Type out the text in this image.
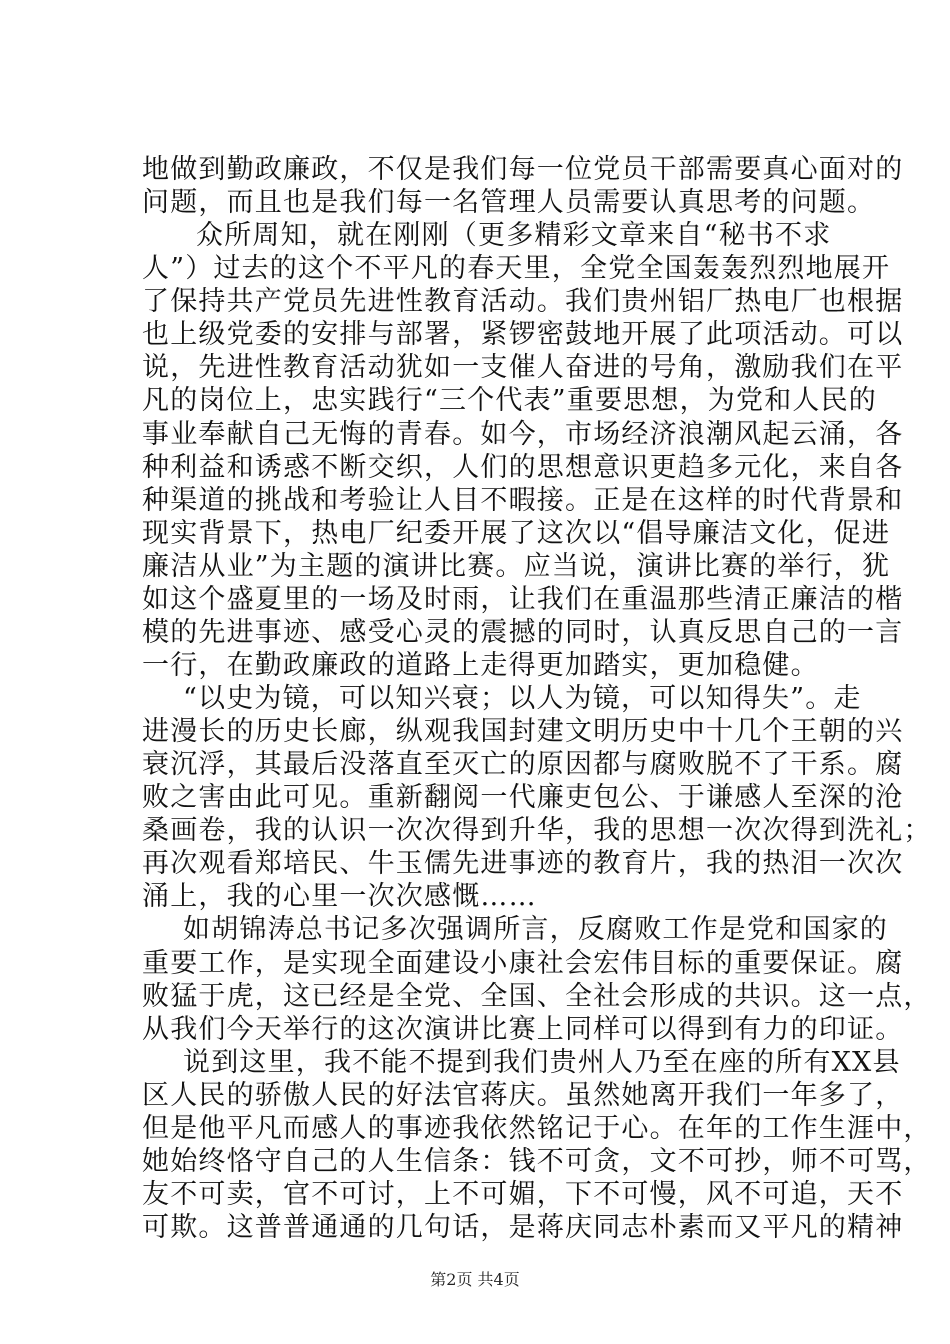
地做到勤政廉政，不仅是我们每一位党员干部需要真心面对的
问题，而且也是我们每一名管理人员需要认真思考的问题。
众所周知，就在刚刚（更多精彩文章来自“秘书不求
人”）过去的这个不平凡的春天里，全党全国轰轰烈烈地展开
了保持共产党员先进性教育活动。我们贵州铝厂热电厂也根据
也上级党委的安排与部署，紧锣密鼓地开展了此项活动。可以
说，先进性教育活动犹如一支催人奋进的号角，激励我们在平
凡的岗位上，忠实践行“三个代表”重要思想，为党和人民的
事业奉献自己无悔的青春。如今，市场经济浪潮风起云涌，各
种利益和诱惑不断交织，人们的思想意识更趋多元化，来自各
种渠道的挑战和考验让人目不暇接。正是在这样的时代背景和
现实背景下，热电厂纪委开展了这次以“倡导廉洁文化，促进
廉洁从业”为主题的演讲比赛。应当说，演讲比赛的举行，犹
如这个盛夏里的一场及时雨，让我们在重温那些清正廉洁的楷
模的先进事迹、感受心灵的震撼的同时，认真反思自己的一言
一行，在勤政廉政的道路上走得更加踏实，更加稳健。
“以史为镜，可以知兴衰；以人为镜，可以知得失”。走
进漫长的历史长廊，纵观我国封建文明历史中十几个王朝的兴
衰沉浮，其最后没落直至灭亡的原因都与腐败脱不了干系。腐
败之害由此可见。重新翻阅一代廉吏包公、于谦感人至深的沧
桑画卷，我的认识一次次得到升华，我的思想一次次得到洗礼；
再次观看郑培民、牛玉儒先进事迹的教育片，我的热泪一次次
涌上，我的心里一次次感慨……
如胡锦涛总书记多次强调所言，反腐败工作是党和国家的
重要工作，是实现全面建设小康社会宏伟目标的重要保证。腐
败猛于虎，这已经是全党、全国、全社会形成的共识。这一点，
从我们今天举行的这次演讲比赛上同样可以得到有力的印证。
说到这里，我不能不提到我们贵州人乃至在座的所有XX县
区人民的骄傲人民的好法官蒋庆。虽然她离开我们一年多了，
但是他平凡而感人的事迹我依然铭记于心。在年的工作生涯中，
她始终恪守自己的人生信条：钱不可贪，文不可抄，师不可骂，
友不可卖，官不可讨，上不可媚，下不可慢，风不可追，天不
可欺。这普普通通的几句话，是蒋庆同志朴素而又平凡的精神
第2页 共4页
